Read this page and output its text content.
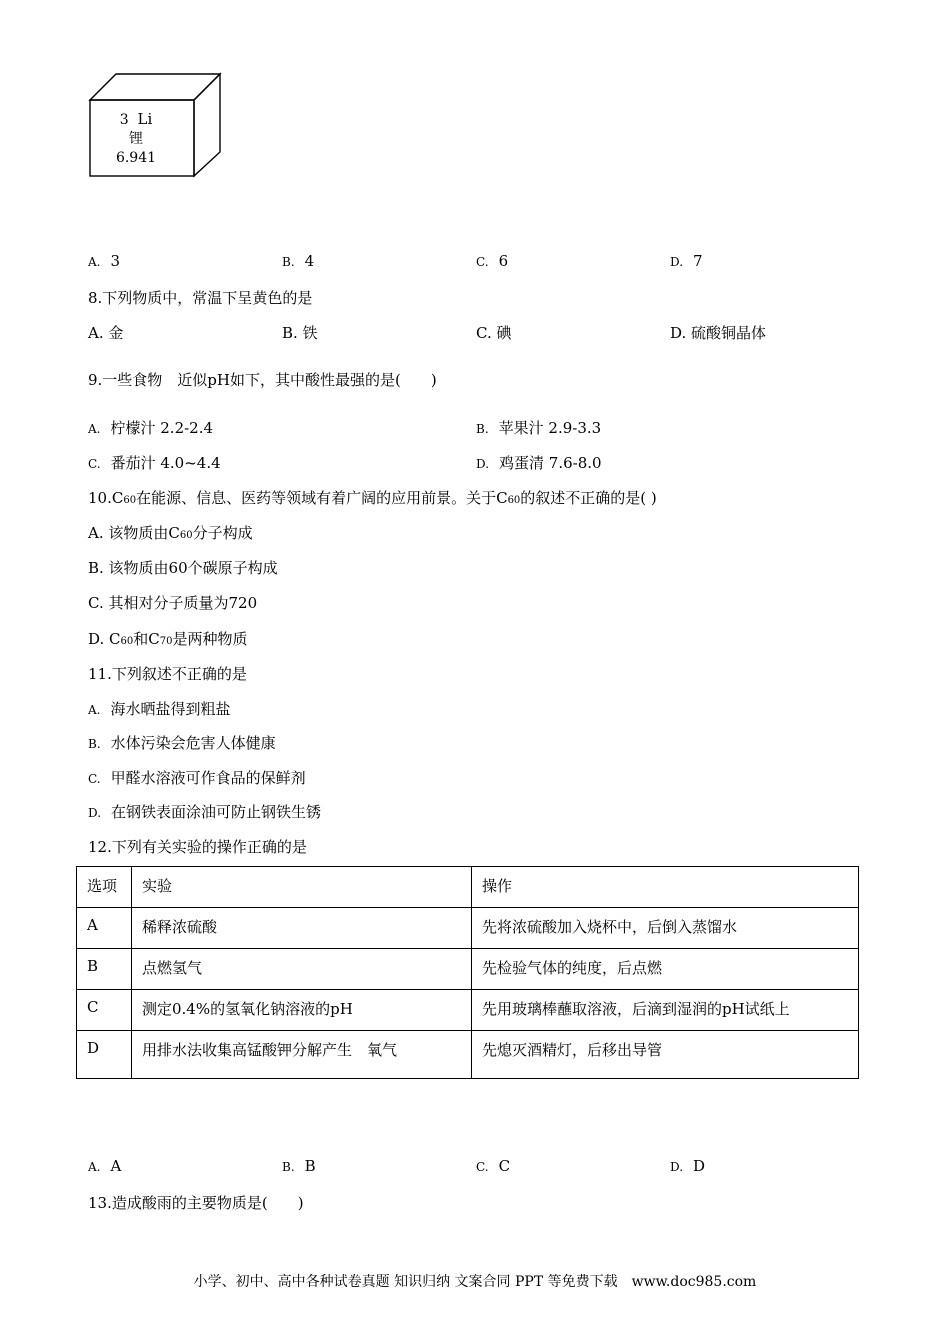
3 Li
锂
6.941
A. 3	B. 4	C. 6	D. 7
8.下列物质中，常温下呈黄色的是
A. 金	B. 铁	C. 碘	D. 硫酸铜晶体
9.一些食物　近似pH如下，其中酸性最强的是(　　)
A. 柠檬汁 2.2-2.4	B. 苹果汁 2.9-3.3
C. 番茄汁 4.0~4.4	D. 鸡蛋清 7.6-8.0
10.C60在能源、信息、医药等领域有着广阔的应用前景。关于C60的叙述不正确的是( )
A. 该物质由C60分子构成
B. 该物质由60个碳原子构成
C. 其相对分子质量为720
D. C60和C70是两种物质
11.下列叙述不正确的是
A. 海水晒盐得到粗盐
B. 水体污染会危害人体健康
C. 甲醛水溶液可作食品的保鲜剂
D. 在钢铁表面涂油可防止钢铁生锈
12.下列有关实验的操作正确的是
选项	实验	操作
A	稀释浓硫酸	先将浓硫酸加入烧杯中，后倒入蒸馏水
B	点燃氢气	先检验气体的纯度，后点燃
C	测定0.4%的氢氧化钠溶液的pH	先用玻璃棒蘸取溶液，后滴到湿润的pH试纸上
D	用排水法收集高锰酸钾分解产生　氧气	先熄灭酒精灯，后移出导管
A. A	B. B	C. C	D. D
13.造成酸雨的主要物质是(　　)
小学、初中、高中各种试卷真题 知识归纳 文案合同 PPT 等免费下载　www.doc985.com
